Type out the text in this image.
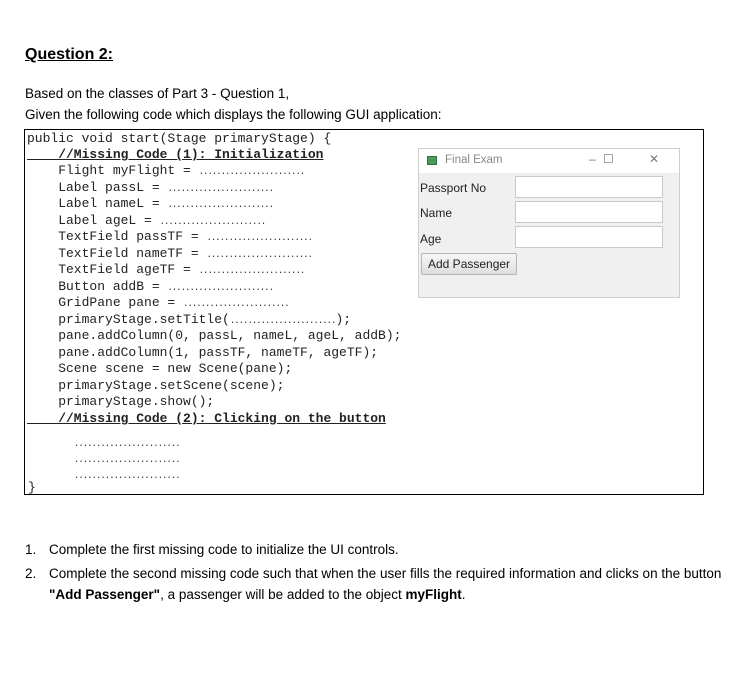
Question 2:
Based on the classes of Part 3 - Question 1,
Given the following code which displays the following GUI application:

public void start(Stage primaryStage) {

//Missing Code (1): Initialization

Flight myFlight = ........................

Label passL = ........................

Label nameL = ........................

Label ageL = ........................

TextField passTF = ........................

TextField nameTF = ........................

TextField ageTF = ........................

Button addB = ........................

GridPane pane = ........................

primaryStage.setTitle(........................);

pane.addColumn(0, passL, nameL, ageL, addB);

pane.addColumn(1, passTF, nameTF, ageTF);

Scene scene = new Scene(pane);

primaryStage.setScene(scene);

primaryStage.show();

//Missing Code (2): Clicking on the button

........................

........................

........................

}

Final Exam	– ☐	✕
Passport No
Name
Age
Add Passenger
1. Complete the first missing code to initialize the UI controls.
2. Complete the second missing code such that when the user fills the required information and clicks on the button "Add Passenger", a passenger will be added to the object myFlight.
